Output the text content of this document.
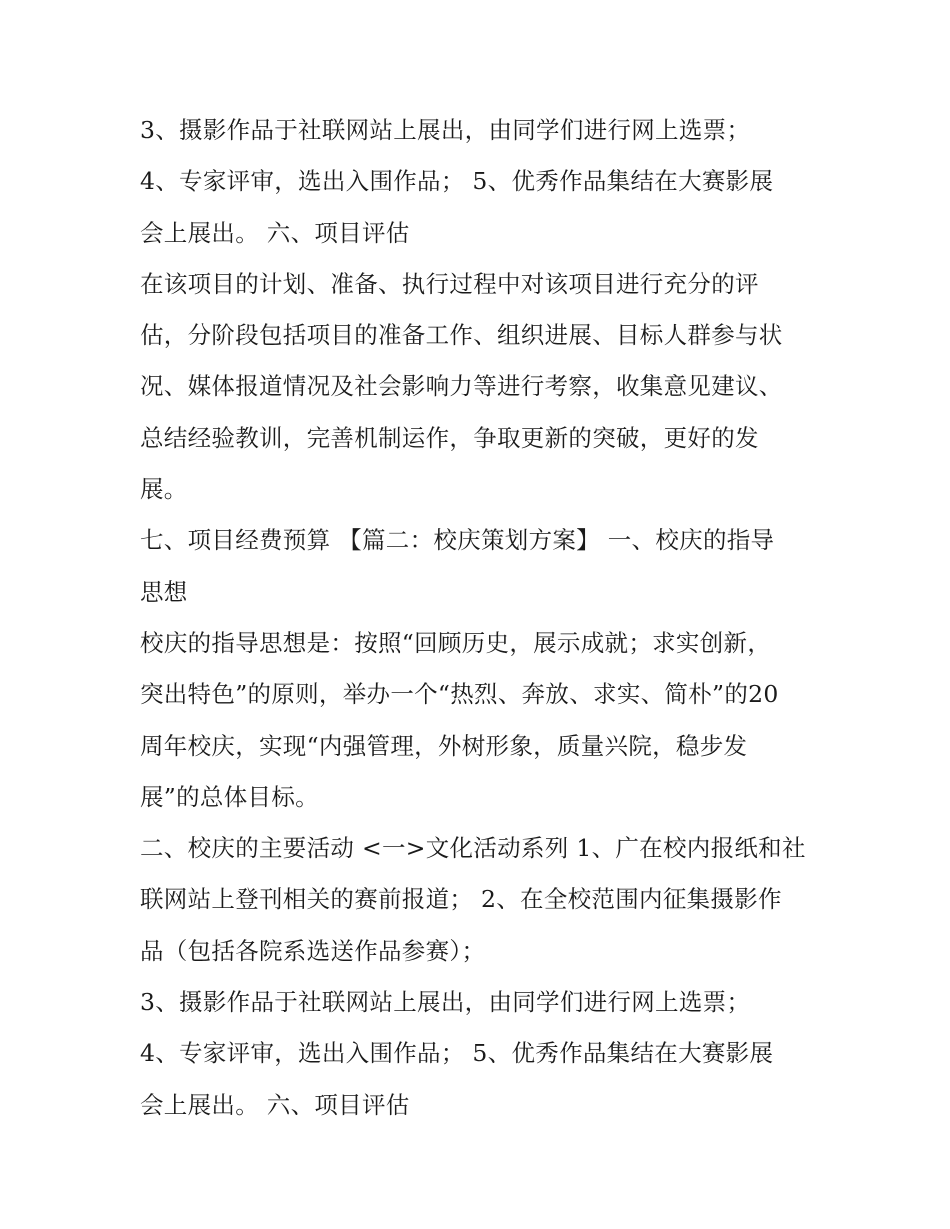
3、摄影作品于社联网站上展出，由同学们进行网上选票；

4、专家评审，选出入围作品； 5、优秀作品集结在大赛影展

会上展出。 六、项目评估

在该项目的计划、准备、执行过程中对该项目进行充分的评

估，分阶段包括项目的准备工作、组织进展、目标人群参与状

况、媒体报道情况及社会影响力等进行考察，收集意见建议、

总结经验教训，完善机制运作，争取更新的突破，更好的发

展。

七、项目经费预算 【篇二：校庆策划方案】 一、校庆的指导

思想

校庆的指导思想是：按照“回顾历史，展示成就；求实创新，

突出特色”的原则，举办一个“热烈、奔放、求实、简朴”的20

周年校庆，实现“内强管理，外树形象，质量兴院，稳步发

展”的总体目标。

二、校庆的主要活动 <一>文化活动系列 1、广在校内报纸和社

联网站上登刊相关的赛前报道； 2、在全校范围内征集摄影作

品（包括各院系选送作品参赛）；

3、摄影作品于社联网站上展出，由同学们进行网上选票；

4、专家评审，选出入围作品； 5、优秀作品集结在大赛影展

会上展出。 六、项目评估
